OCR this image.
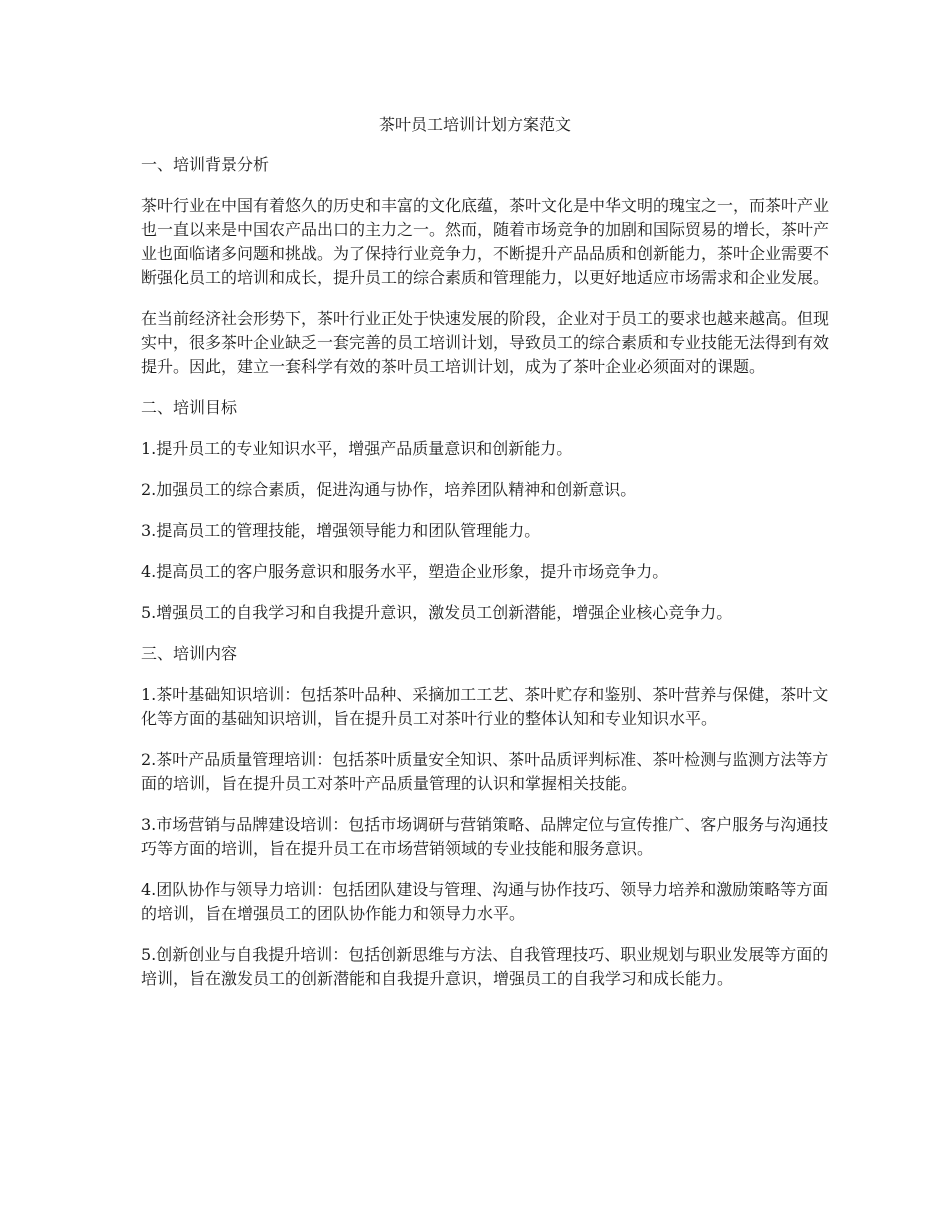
茶叶员工培训计划方案范文
一、培训背景分析

茶叶行业在中国有着悠久的历史和丰富的文化底蕴，茶叶文化是中华文明的瑰宝之一，而茶叶产业也一直以来是中国农产品出口的主力之一。然而，随着市场竞争的加剧和国际贸易的增长，茶叶产业也面临诸多问题和挑战。为了保持行业竞争力，不断提升产品品质和创新能力，茶叶企业需要不断强化员工的培训和成长，提升员工的综合素质和管理能力，以更好地适应市场需求和企业发展。

在当前经济社会形势下，茶叶行业正处于快速发展的阶段，企业对于员工的要求也越来越高。但现实中，很多茶叶企业缺乏一套完善的员工培训计划，导致员工的综合素质和专业技能无法得到有效提升。因此，建立一套科学有效的茶叶员工培训计划，成为了茶叶企业必须面对的课题。

二、培训目标

1.提升员工的专业知识水平，增强产品质量意识和创新能力。

2.加强员工的综合素质，促进沟通与协作，培养团队精神和创新意识。

3.提高员工的管理技能，增强领导能力和团队管理能力。

4.提高员工的客户服务意识和服务水平，塑造企业形象，提升市场竞争力。

5.增强员工的自我学习和自我提升意识，激发员工创新潜能，增强企业核心竞争力。

三、培训内容

1.茶叶基础知识培训：包括茶叶品种、采摘加工工艺、茶叶贮存和鉴别、茶叶营养与保健，茶叶文化等方面的基础知识培训，旨在提升员工对茶叶行业的整体认知和专业知识水平。

2.茶叶产品质量管理培训：包括茶叶质量安全知识、茶叶品质评判标准、茶叶检测与监测方法等方面的培训，旨在提升员工对茶叶产品质量管理的认识和掌握相关技能。

3.市场营销与品牌建设培训：包括市场调研与营销策略、品牌定位与宣传推广、客户服务与沟通技巧等方面的培训，旨在提升员工在市场营销领域的专业技能和服务意识。

4.团队协作与领导力培训：包括团队建设与管理、沟通与协作技巧、领导力培养和激励策略等方面的培训，旨在增强员工的团队协作能力和领导力水平。

5.创新创业与自我提升培训：包括创新思维与方法、自我管理技巧、职业规划与职业发展等方面的培训，旨在激发员工的创新潜能和自我提升意识，增强员工的自我学习和成长能力。
